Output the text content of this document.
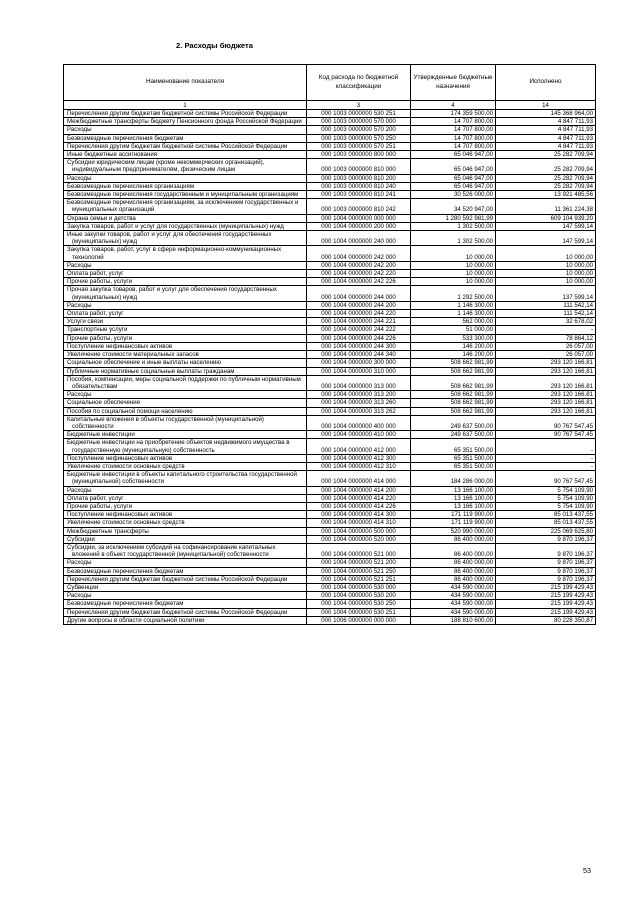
2. Расходы бюджета
Наименование показателя	Код расхода по бюджетной классификации	Утвержденные бюджетные назначения	Исполнено
1	3	4	14

Перечисления другим бюджетам бюджетной системы Российской Федерации	000 1003 0000000 530 251	174 359 500,00	145 368 964,00

Межбюджетные трансферты бюджету Пенсионного фонда Российской Федерации	000 1003 0000000 570 000	14 707 800,00	4 847 711,93

Расходы	000 1003 0000000 570 200	14 707 800,00	4 847 711,93

Безвозмездные перечисления бюджетам	000 1003 0000000 570 250	14 707 800,00	4 847 711,93

Перечисления другим бюджетам бюджетной системы Российской Федерации	000 1003 0000000 570 251	14 707 800,00	4 847 711,93

Иные бюджетные ассигнования	000 1003 0000000 800 000	65 046 947,00	25 282 709,94

Субсидии юридическим лицам (кроме некоммерческих организаций), индивидуальным предпринимателям, физическим лицам	000 1003 0000000 810 000	65 046 947,00	25 282 709,94

Расходы	000 1003 0000000 810 200	65 046 947,00	25 282 709,94

Безвозмездные перечисления организациям	000 1003 0000000 810 240	65 046 947,00	25 282 709,94

Безвозмездные перечисления государственным и муниципальным организациям	000 1003 0000000 810 241	30 526 000,00	13 921 485,56

Безвозмездные перечисления организациям, за исключением государственных и муниципальных организаций	000 1003 0000000 810 242	34 520 947,00	11 361 224,38

Охрана семьи и детства	000 1004 0000000 000 000	1 280 592 981,99	609 104 939,20

Закупка товаров, работ и услуг для государственных (муниципальных) нужд	000 1004 0000000 200 000	1 302 500,00	147 599,14

Иные закупки товаров, работ и услуг для обеспечения государственных (муниципальных) нужд	000 1004 0000000 240 000	1 302 500,00	147 599,14

Закупка товаров, работ, услуг в сфере информационно-коммуникационных технологий	000 1004 0000000 242 000	10 000,00	10 000,00

Расходы	000 1004 0000000 242 200	10 000,00	10 000,00

Оплата работ, услуг	000 1004 0000000 242 220	10 000,00	10 000,00

Прочие работы, услуги	000 1004 0000000 242 226	10 000,00	10 000,00

Прочая закупка товаров, работ и услуг для обеспечения государственных (муниципальных) нужд	000 1004 0000000 244 000	1 292 500,00	137 599,14

Расходы	000 1004 0000000 244 200	1 146 300,00	111 542,14

Оплата работ, услуг	000 1004 0000000 244 220	1 146 300,00	111 542,14

Услуги связи	000 1004 0000000 244 221	562 000,00	32 678,02

Транспортные услуги	000 1004 0000000 244 222	51 000,00	-

Прочие работы, услуги	000 1004 0000000 244 226	533 300,00	78 864,12

Поступление нефинансовых активов	000 1004 0000000 244 300	146 200,00	26 057,00

Увеличение стоимости материальных запасов	000 1004 0000000 244 340	146 200,00	26 057,00

Социальное обеспечение и иные выплаты населению	000 1004 0000000 300 000	508 662 981,99	293 120 166,81

Публичные нормативные социальные выплаты гражданам	000 1004 0000000 310 000	508 662 981,99	293 120 166,81

Пособия, компенсации, меры социальной поддержки по публичным нормативным обязательствам	000 1004 0000000 313 000	508 662 981,99	293 120 166,81

Расходы	000 1004 0000000 313 200	508 662 981,99	293 120 166,81

Социальное обеспечение	000 1004 0000000 313 260	508 662 981,99	293 120 166,81

Пособия по социальной помощи населению	000 1004 0000000 313 262	508 662 981,99	293 120 166,81

Капитальные вложения в объекты государственной (муниципальной) собственности	000 1004 0000000 400 000	249 637 500,00	90 767 547,45

Бюджетные инвестиции	000 1004 0000000 410 000	249 637 500,00	90 767 547,45

Бюджетные инвестиции на приобретение объектов недвижимого имущества в государственную (муниципальную) собственность	000 1004 0000000 412 000	65 351 500,00	-

Поступление нефинансовых активов	000 1004 0000000 412 300	65 351 500,00	-

Увеличение стоимости основных средств	000 1004 0000000 412 310	65 351 500,00	-

Бюджетные инвестиции в объекты капитального строительства государственной (муниципальной) собственности	000 1004 0000000 414 000	184 286 000,00	90 767 547,45

Расходы	000 1004 0000000 414 200	13 166 100,00	5 754 109,90

Оплата работ, услуг	000 1004 0000000 414 220	13 166 100,00	5 754 109,90

Прочие работы, услуги	000 1004 0000000 414 226	13 166 100,00	5 754 109,90

Поступление нефинансовых активов	000 1004 0000000 414 300	171 119 900,00	85 013 437,55

Увеличение стоимости основных средств	000 1004 0000000 414 310	171 119 900,00	85 013 437,55

Межбюджетные трансферты	000 1004 0000000 500 000	520 990 000,00	225 069 625,80

Субсидии	000 1004 0000000 520 000	86 400 000,00	9 870 196,37

Субсидии, за исключением субсидий на софинансирование капитальных вложений в объект государственной (муниципальной) собственности	000 1004 0000000 521 000	86 400 000,00	9 870 196,37

Расходы	000 1004 0000000 521 200	86 400 000,00	9 870 196,37

Безвозмездные перечисления бюджетам	000 1004 0000000 521 250	86 400 000,00	9 870 196,37

Перечисления другим бюджетам бюджетной системы Российской Федерации	000 1004 0000000 521 251	86 400 000,00	9 870 196,37

Субвенции	000 1004 0000000 530 000	434 590 000,00	215 199 429,43

Расходы	000 1004 0000000 530 200	434 590 000,00	215 199 429,43

Безвозмездные перечисления бюджетам	000 1004 0000000 530 250	434 590 000,00	215 199 429,43

Перечисления другим бюджетам бюджетной системы Российской Федерации	000 1004 0000000 530 251	434 590 000,00	215 199 429,43

Другие вопросы в области социальной политики	000 1006 0000000 000 000	188 810 600,00	80 228 350,87
53
